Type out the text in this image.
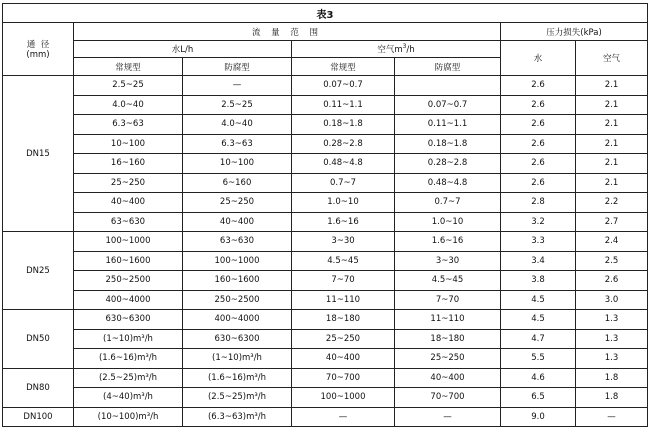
表3						

通  径
(mm)	流 量 范 围				压力损失(kPa)	
	水L/h		空气$m^3/h$		水	空气
	常规型	防腐型	常规型	防腐型		
DN15	2.5~25	—	0.07~0.7		2.6	2.1
	4.0~40	2.5~25	0.11~1.1	0.07~0.7	2.6	2.1
	6.3~63	4.0~40	0.18~1.8	0.11~1.1	2.6	2.1
	10~100	6.3~63	0.28~2.8	0.18~1.8	2.6	2.1
	16~160	10~100	0.48~4.8	0.28~2.8	2.6	2.1
	25~250	6~160	0.7~7	0.48~4.8	2.6	2.1
	40~400	25~250	1.0~10	0.7~7	2.8	2.2
	63~630	40~400	1.6~16	1.0~10	3.2	2.7
DN25	100~1000	63~630	3~30	1.6~16	3.3	2.4
	160~1600	100~1000	4.5~45	3~30	3.4	2.5
	250~2500	160~1600	7~70	4.5~45	3.8	2.6
	400~4000	250~2500	11~110	7~70	4.5	3.0
DN50	630~6300	400~4000	18~180	11~110	4.5	1.3
	(1~10)m³/h	630~6300	25~250	18~180	4.7	1.3
	(1.6~16)m³/h	(1~10)m³/h	40~400	25~250	5.5	1.3
DN80	(2.5~25)m³/h	(1.6~16)m³/h	70~700	40~400	4.6	1.8
	(4~40)m³/h	(2.5~25)m³/h	100~1000	70~700	6.5	1.8
DN100	(10~100)m³/h	(6.3~63)m³/h	—	—	9.0	—
